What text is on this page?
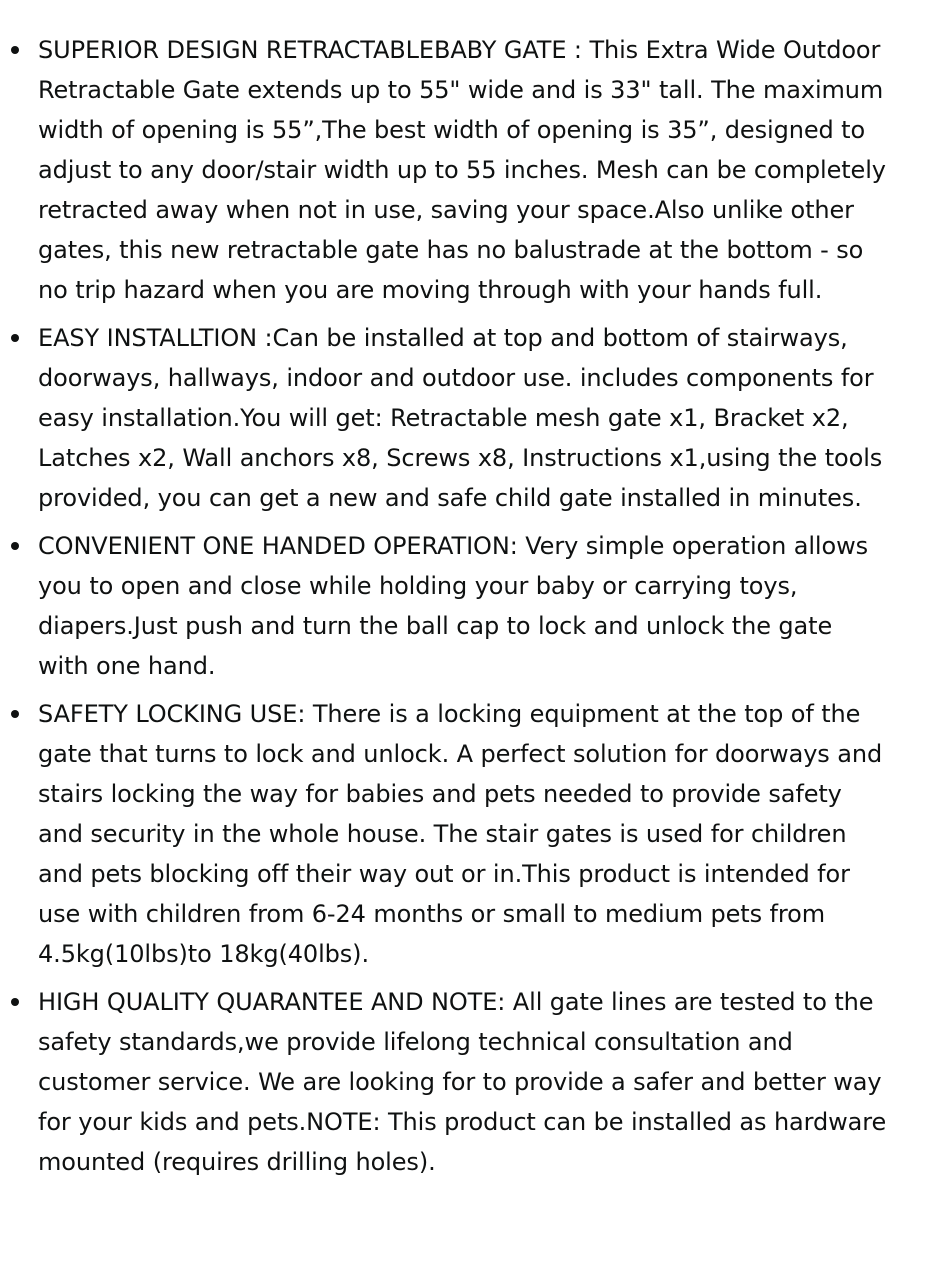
SUPERIOR DESIGN RETRACTABLEBABY GATE : This Extra Wide Outdoor Retractable Gate extends up to 55" wide and is 33" tall. The maximum width of opening is 55”,The best width of opening is 35”, designed to adjust to any door/stair width up to 55 inches. Mesh can be completely retracted away when not in use, saving your space.Also unlike other gates, this new retractable gate has no balustrade at the bottom - so no trip hazard when you are moving through with your hands full.
EASY INSTALLTION :Can be installed at top and bottom of stairways, doorways, hallways, indoor and outdoor use. includes components for easy installation.You will get: Retractable mesh gate x1, Bracket x2, Latches x2, Wall anchors x8, Screws x8, Instructions x1,using the tools provided, you can get a new and safe child gate installed in minutes.
CONVENIENT ONE HANDED OPERATION: Very simple operation allows you to open and close while holding your baby or carrying toys, diapers.Just push and turn the ball cap to lock and unlock the gate with one hand.
SAFETY LOCKING USE: There is a locking equipment at the top of the gate that turns to lock and unlock. A perfect solution for doorways and stairs locking the way for babies and pets needed to provide safety and security in the whole house. The stair gates is used for children and pets blocking off their way out or in.This product is intended for use with children from 6-24 months or small to medium pets from 4.5kg(10lbs)to 18kg(40lbs).
HIGH QUALITY QUARANTEE AND NOTE: All gate lines are tested to the safety standards,we provide lifelong technical consultation and customer service. We are looking for to provide a safer and better way for your kids and pets.NOTE: This product can be installed as hardware mounted (requires drilling holes).
